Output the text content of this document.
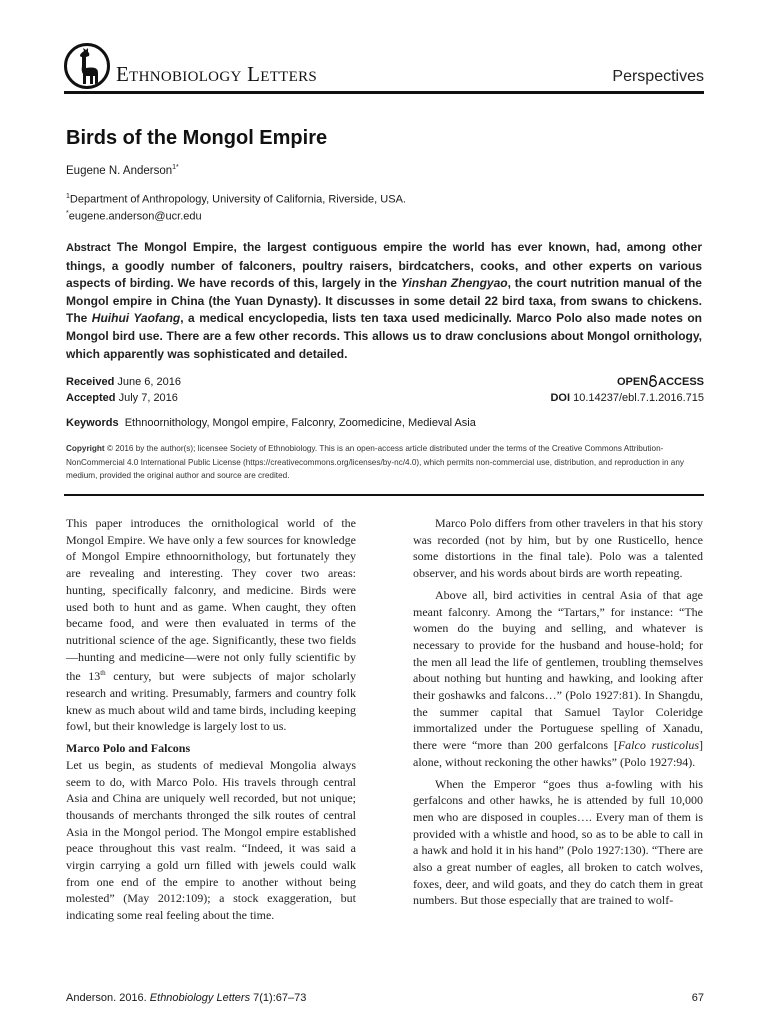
Ethnobiology Letters	Perspectives
Birds of the Mongol Empire
Eugene N. Anderson$^{1*}$
$^1$Department of Anthropology, University of California, Riverside, USA.
*eugene.anderson@ucr.edu
Abstract The Mongol Empire, the largest contiguous empire the world has ever known, had, among other things, a goodly number of falconers, poultry raisers, birdcatchers, cooks, and other experts on various aspects of birding. We have records of this, largely in the Yinshan Zhengyao, the court nutrition manual of the Mongol empire in China (the Yuan Dynasty). It discusses in some detail 22 bird taxa, from swans to chickens. The Huihui Yaofang, a medical encyclopedia, lists ten taxa used medicinally. Marco Polo also made notes on Mongol bird use. There are a few other records. This allows us to draw conclusions about Mongol ornithology, which apparently was sophisticated and detailed.
Received June 6, 2016
Accepted July 7, 2016
OPEN ACCESS
DOI 10.14237/ebl.7.1.2016.715
Keywords Ethnoornithology, Mongol empire, Falconry, Zoomedicine, Medieval Asia
Copyright © 2016 by the author(s); licensee Society of Ethnobiology. This is an open-access article distributed under the terms of the Creative Commons Attribution-NonCommercial 4.0 International Public License (https://creativecommons.org/licenses/by-nc/4.0), which permits non-commercial use, distribution, and reproduction in any medium, provided the original author and source are credited.

This paper introduces the ornithological world of the Mongol Empire. We have only a few sources for knowledge of Mongol Empire ethnoornithology, but fortunately they are revealing and interesting. They cover two areas: hunting, specifically falconry, and medicine. Birds were used both to hunt and as game. When caught, they often became food, and were then evaluated in terms of the nutritional science of the age. Significantly, these two fields—hunting and medicine—were not only fully scientific by the 13th century, but were subjects of major scholarly research and writing. Presumably, farmers and country folk knew as much about wild and tame birds, including keeping fowl, but their knowledge is largely lost to us.

Marco Polo and Falcons

Let us begin, as students of medieval Mongolia always seem to do, with Marco Polo. His travels through central Asia and China are uniquely well recorded, but not unique; thousands of merchants thronged the silk routes of central Asia in the Mongol period. The Mongol empire established peace throughout this vast realm. “Indeed, it was said a virgin carrying a gold urn filled with jewels could walk from one end of the empire to another without being molested” (May 2012:109); a stock exaggeration, but indicating some real feeling about the time.

Marco Polo differs from other travelers in that his story was recorded (not by him, but by one Rusticello, hence some distortions in the final tale). Polo was a talented observer, and his words about birds are worth repeating.

Above all, bird activities in central Asia of that age meant falconry. Among the “Tartars,” for instance: “The women do the buying and selling, and whatever is necessary to provide for the husband and house-hold; for the men all lead the life of gentlemen, troubling themselves about nothing but hunting and hawking, and looking after their goshawks and falcons…” (Polo 1927:81). In Shangdu, the summer capital that Samuel Taylor Coleridge immortalized under the Portuguese spelling of Xanadu, there were “more than 200 gerfalcons [Falco rusticolus] alone, without reckoning the other hawks” (Polo 1927:94).

When the Emperor “goes thus a-fowling with his gerfalcons and other hawks, he is attended by full 10,000 men who are disposed in couples…. Every man of them is provided with a whistle and hood, so as to be able to call in a hawk and hold it in his hand” (Polo 1927:130). “There are also a great number of eagles, all broken to catch wolves, foxes, deer, and wild goats, and they do catch them in great numbers. But those especially that are trained to wolf-

Anderson. 2016. Ethnobiology Letters 7(1):67–73	67
